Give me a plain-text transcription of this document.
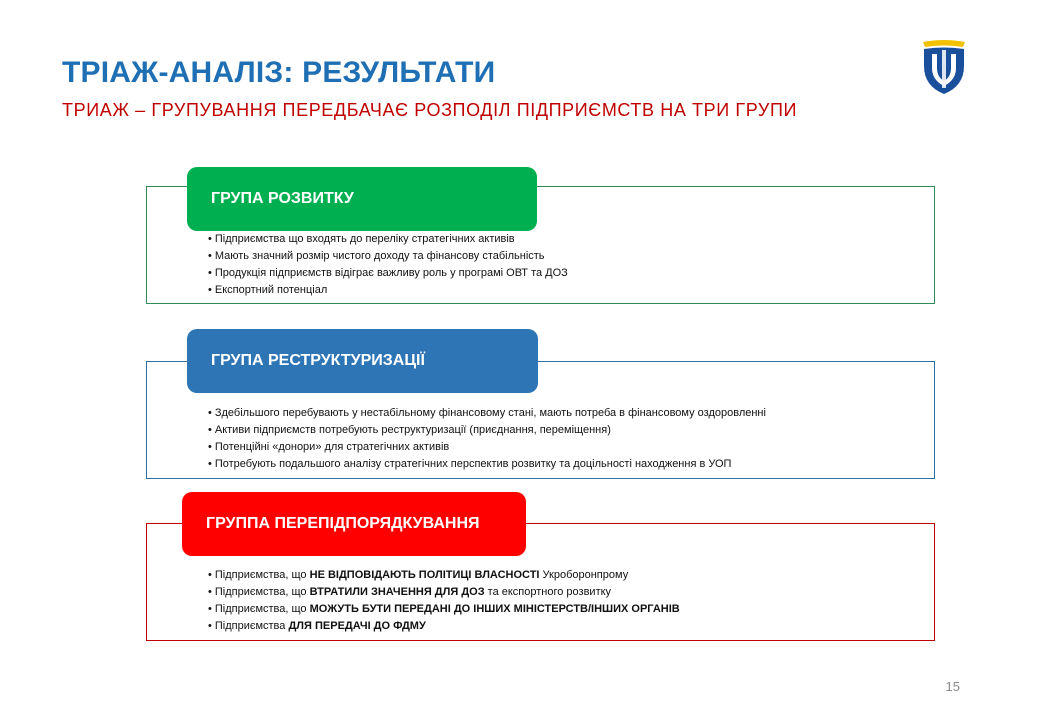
ТРІАЖ-АНАЛІЗ: РЕЗУЛЬТАТИ
ТРИАЖ – ГРУПУВАННЯ ПЕРЕДБАЧАЄ РОЗПОДІЛ ПІДПРИЄМСТВ НА ТРИ ГРУПИ
ГРУПА РОЗВИТКУ
• Підприємства що входять до переліку стратегічних активів
• Мають значний розмір чистого доходу та фінансову стабільність
• Продукція підприємств відіграє важливу роль у програмі ОВТ та ДОЗ
• Експортний потенціал
ГРУПА РЕСТРУКТУРИЗАЦІЇ
• Здебільшого перебувають у нестабільному фінансовому стані, мають потреба в фінансовому оздоровленні
• Активи підприємств потребують реструктуризації (приєднання, переміщення)
• Потенційні «донори» для стратегічних активів
• Потребують подальшого аналізу стратегічних перспектив розвитку та доцільності находження в УОП
ГРУППА ПЕРЕПІДПОРЯДКУВАННЯ
• Підприємства, що НЕ ВІДПОВІДАЮТЬ ПОЛІТИЦІ ВЛАСНОСТІ Укроборонпрому
• Підприємства, що ВТРАТИЛИ ЗНАЧЕННЯ ДЛЯ ДОЗ та експортного розвитку
• Підприємства, що МОЖУТЬ БУТИ ПЕРЕДАНІ ДО ІНШИХ МІНІСТЕРСТВ/ІНШИХ ОРГАНІВ
• Підприємства ДЛЯ ПЕРЕДАЧІ ДО ФДМУ
15
